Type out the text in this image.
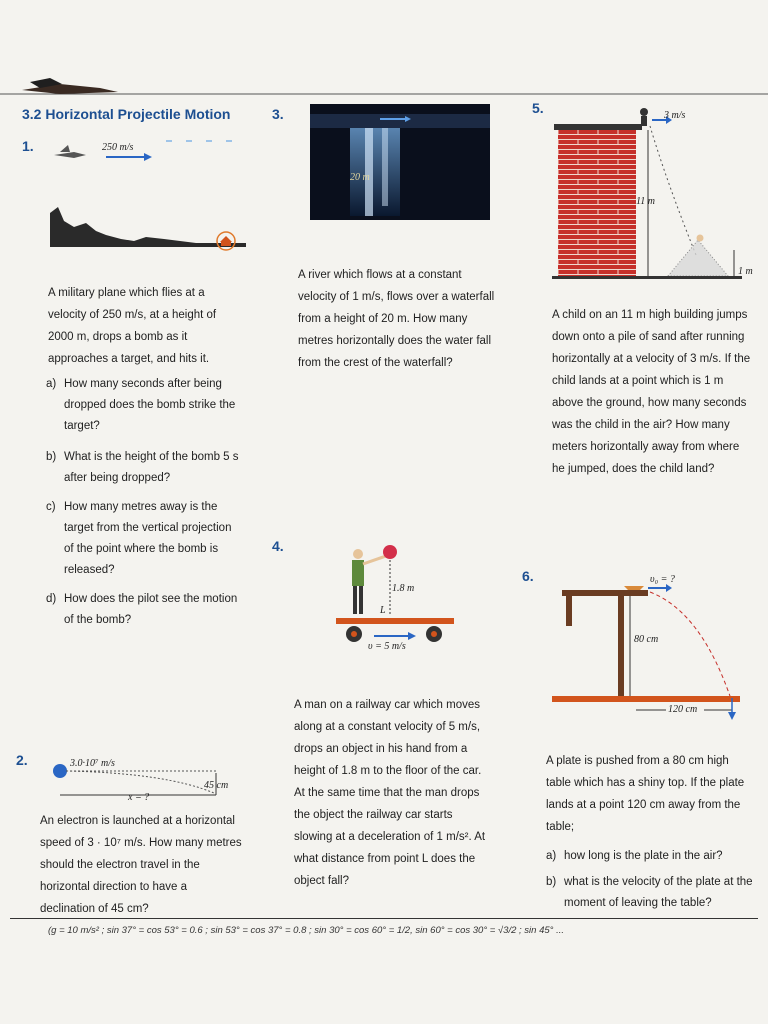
3.2 Horizontal Projectile Motion
1.	250 m/s
A military plane which flies at a velocity of 250 m/s, at a height of 2000 m, drops a bomb as it approaches a target, and hits it.
a) How many seconds after being dropped does the bomb strike the target?
b) What is the height of the bomb 5 s after being dropped?
c) How many metres away is the target from the vertical projection of the point where the bomb is released?
d) How does the pilot see the motion of the bomb?
2.	3.0·10⁷ m/s
45 cm
x = ?
An electron is launched at a horizontal speed of 3 · 10⁷ m/s. How many metres should the electron travel in the horizontal direction to have a declination of 45 cm?
3.
20 m
A river which flows at a constant velocity of 1 m/s, flows over a waterfall from a height of 20 m. How many metres horizontally does the water fall from the crest of the waterfall?
4.
1.8 m
L
υ = 5 m/s
A man on a railway car which moves along at a constant velocity of 5 m/s, drops an object in his hand from a height of 1.8 m to the floor of the car. At the same time that the man drops the object the railway car starts slowing at a deceleration of 1 m/s². At what distance from point L does the object fall?
5.	3 m/s
11 m
1 m
A child on an 11 m high building jumps down onto a pile of sand after running horizontally at a velocity of 3 m/s. If the child lands at a point which is 1 m above the ground, how many seconds was the child in the air? How many meters horizontally away from where he jumped, does the child land?
6.	υ₀ = ?
80 cm
120 cm
A plate is pushed from a 80 cm high table which has a shiny top. If the plate lands at a point 120 cm away from the table;
a) how long is the plate in the air?
b) what is the velocity of the plate at the moment of leaving the table?
(g = 10 m/s² ; sin 37° = cos 53° = 0.6 ; sin 53° = cos 37° = 0.8 ; sin 30° = cos 60° = 1/2, sin 60° = cos 30° = √3/2 ; sin 45° ...
